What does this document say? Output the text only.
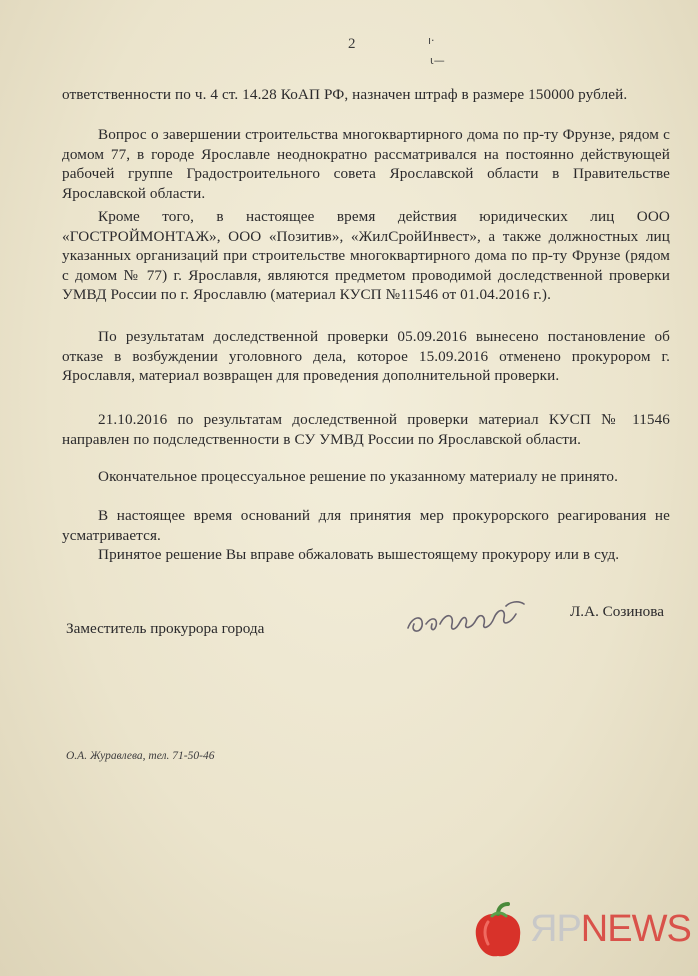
2	ı·
ι—

ответственности по ч. 4 ст. 14.28 КоАП РФ, назначен штраф в размере 150000 рублей.

Вопрос о завершении строительства многоквартирного дома по пр-ту Фрунзе, рядом с домом 77, в городе Ярославле неоднократно рассматривался на постоянно действующей рабочей группе Градостроительного совета Ярославской области в Правительстве Ярославской области.

Кроме того, в настоящее время действия юридических лиц ООО «ГОСТРОЙМОНТАЖ», ООО «Позитив», «ЖилСройИнвест», а также должностных лиц указанных организаций при строительстве многоквартирного дома по пр-ту Фрунзе (рядом с домом № 77) г. Ярославля, являются предметом проводимой доследственной проверки УМВД России по г. Ярославлю (материал КУСП №11546 от 01.04.2016 г.).

По результатам доследственной проверки 05.09.2016 вынесено постановление об отказе в возбуждении уголовного дела, которое 15.09.2016 отменено прокурором г. Ярославля, материал возвращен для проведения дополнительной проверки.

21.10.2016 по результатам доследственной проверки материал КУСП № 11546 направлен по подследственности в СУ УМВД России по Ярославской области.

Окончательное процессуальное решение по указанному материалу не принято.

В настоящее время оснований для принятия мер прокурорского реагирования не усматривается.

Принятое решение Вы вправе обжаловать вышестоящему прокурору или в суд.

Заместитель прокурора города
Л.А. Созинова
О.А. Журавлева, тел. 71-50-46
ЯРNEWS
